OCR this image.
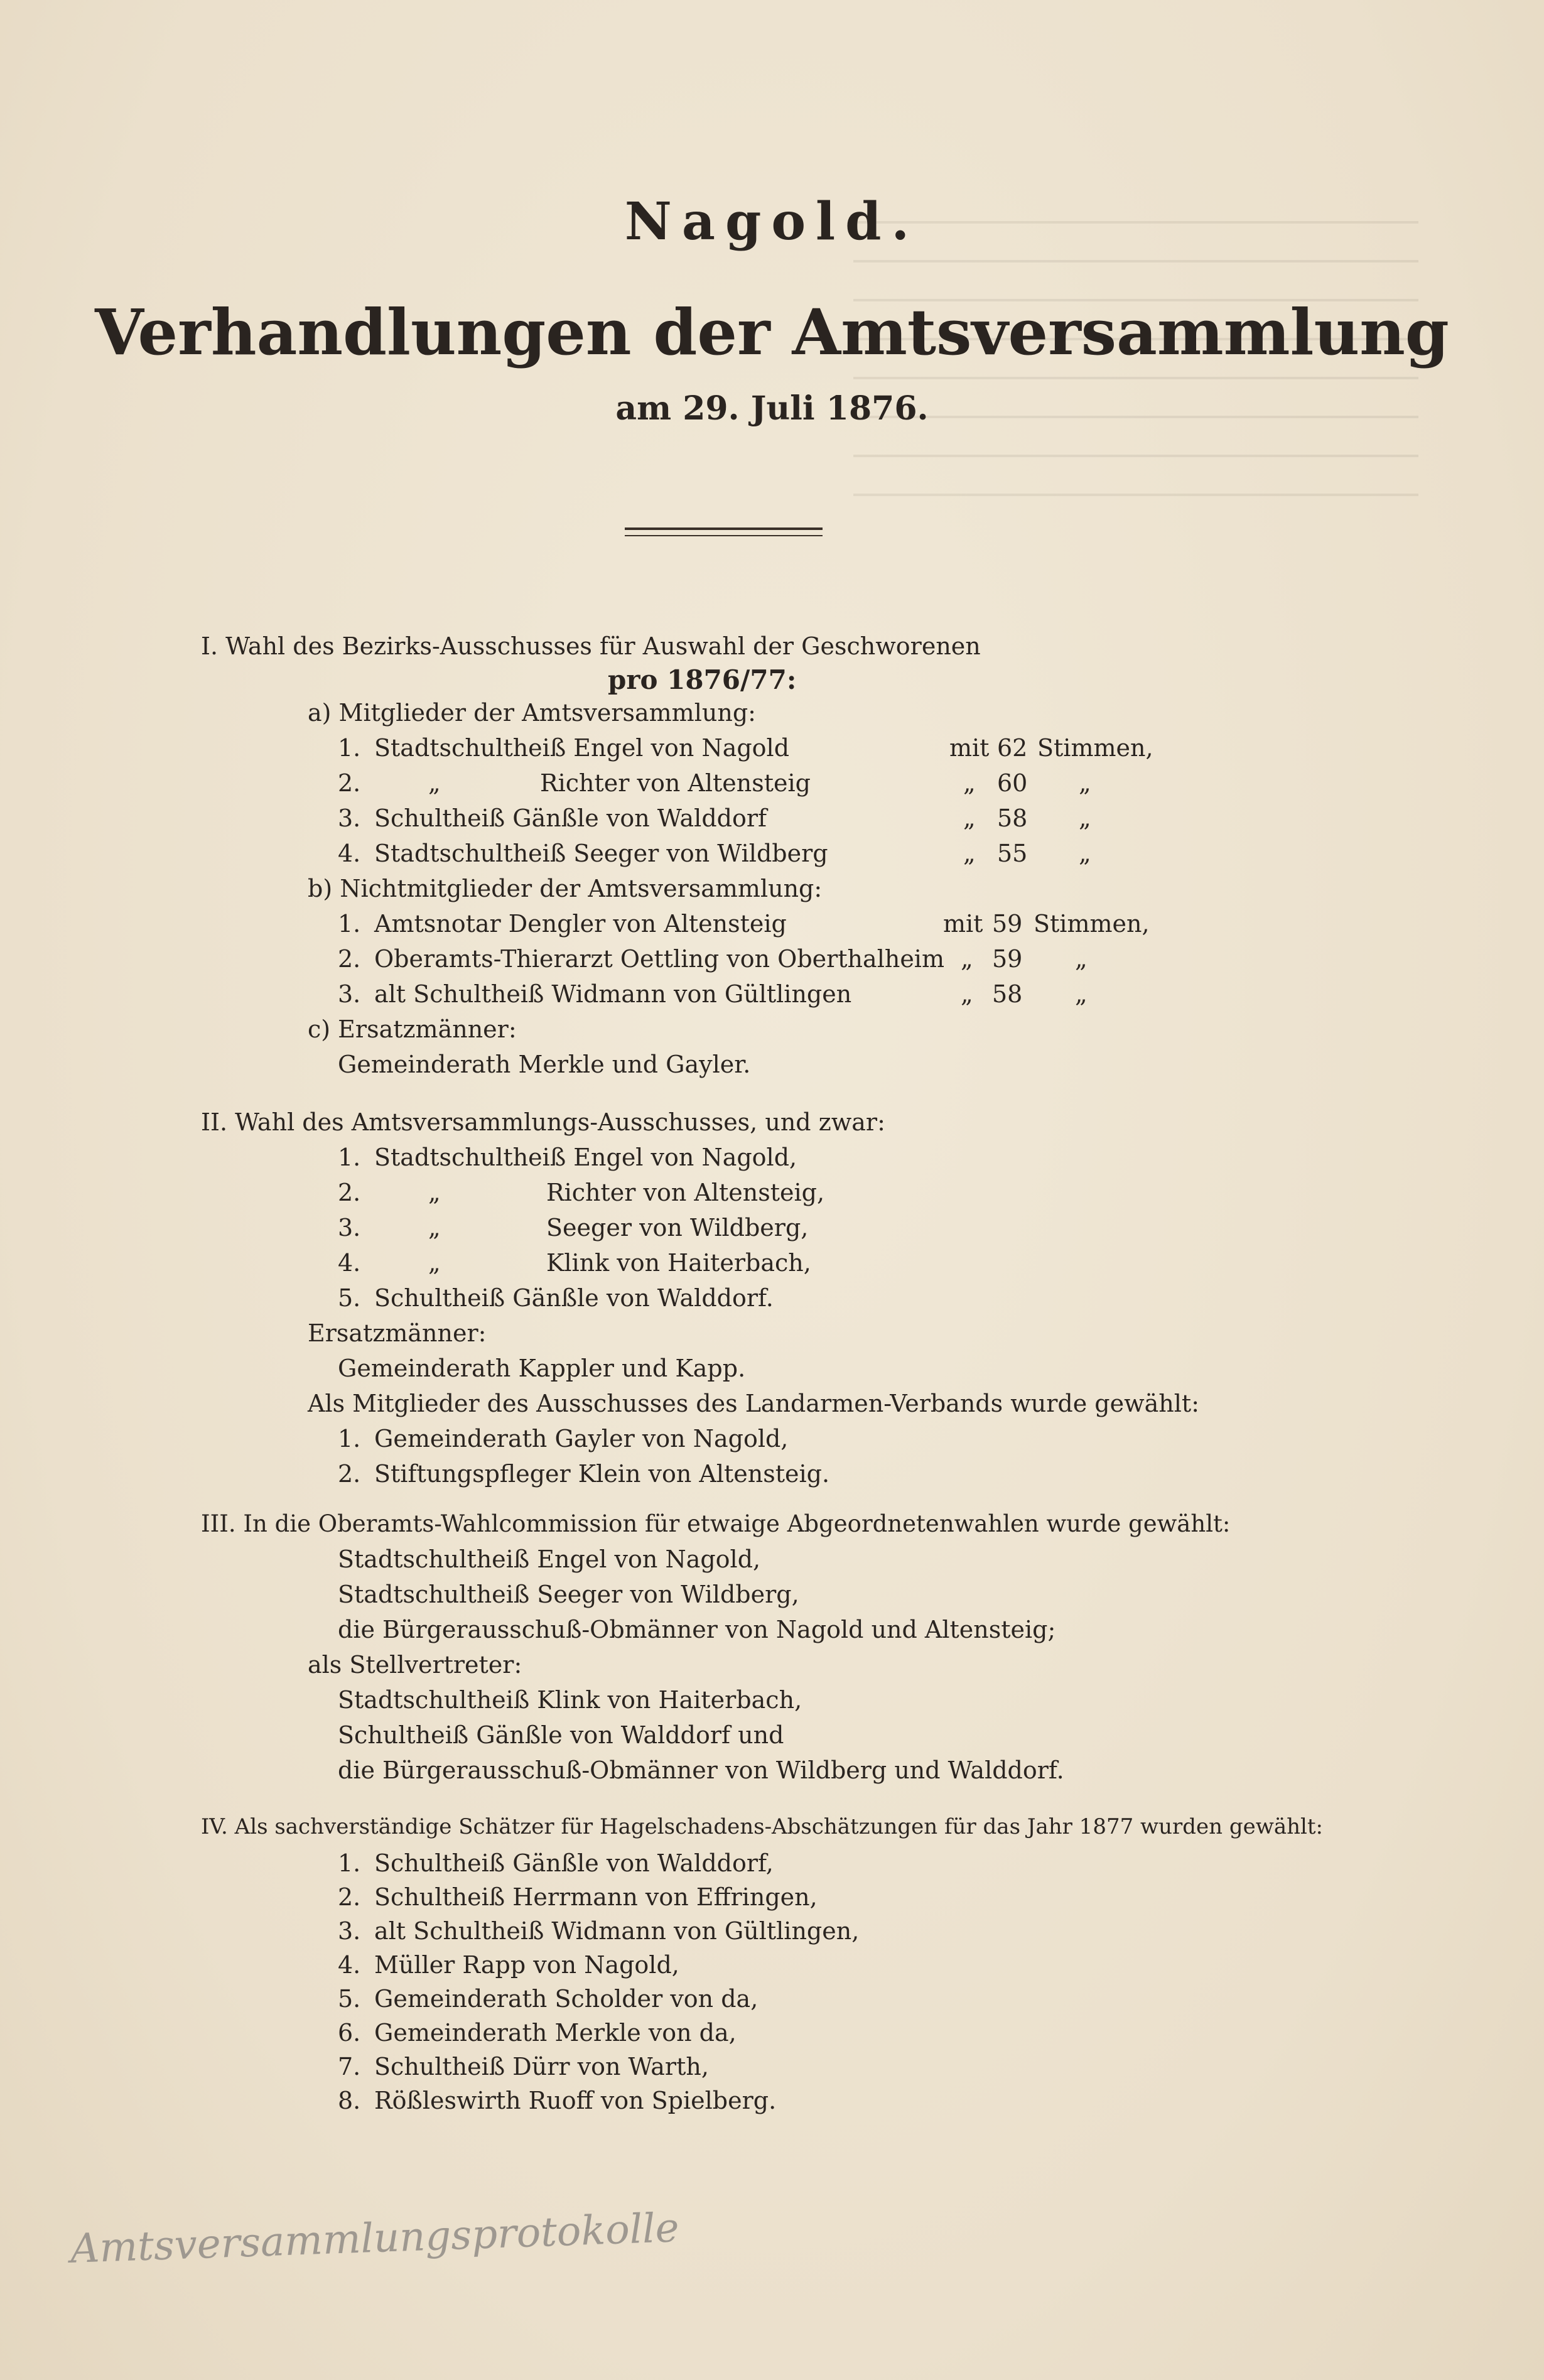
Nagold.
Verhandlungen der Amtsversammlung
am 29. Juli 1876.
I. Wahl des Bezirks-Ausschusses für Auswahl der Geschworenen
pro 1876/77:
a) Mitglieder der Amtsversammlung:
1. Stadtschultheiß Engel von Nagold	mit 62 Stimmen,
2.	„	Richter von Altensteig	„ 60 „
3. Schultheiß Gänßle von Walddorf	„ 58 „
4. Stadtschultheiß Seeger von Wildberg	„ 55 „
b) Nichtmitglieder der Amtsversammlung:
1. Amtsnotar Dengler von Altensteig	mit 59 Stimmen,
2. Oberamts-Thierarzt Oettling von Oberthalheim „ 59 „
3. alt Schultheiß Widmann von Gültlingen	„ 58 „
c) Ersatzmänner:
Gemeinderath Merkle und Gayler.
II. Wahl des Amtsversammlungs-Ausschusses, und zwar:
1. Stadtschultheiß Engel von Nagold,
2.	„	Richter von Altensteig,
3.	„	Seeger von Wildberg,
4.	„	Klink von Haiterbach,
5. Schultheiß Gänßle von Walddorf.
Ersatzmänner:
Gemeinderath Kappler und Kapp.
Als Mitglieder des Ausschusses des Landarmen-Verbands wurde gewählt:
1. Gemeinderath Gayler von Nagold,
2. Stiftungspfleger Klein von Altensteig.
III. In die Oberamts-Wahlcommission für etwaige Abgeordnetenwahlen wurde gewählt:
Stadtschultheiß Engel von Nagold,
Stadtschultheiß Seeger von Wildberg,
die Bürgerausschuß-Obmänner von Nagold und Altensteig;
als Stellvertreter:
Stadtschultheiß Klink von Haiterbach,
Schultheiß Gänßle von Walddorf und
die Bürgerausschuß-Obmänner von Wildberg und Walddorf.
IV. Als sachverständige Schätzer für Hagelschadens-Abschätzungen für das Jahr 1877 wurden gewählt:
1. Schultheiß Gänßle von Walddorf,
2. Schultheiß Herrmann von Effringen,
3. alt Schultheiß Widmann von Gültlingen,
4. Müller Rapp von Nagold,
5. Gemeinderath Scholder von da,
6. Gemeinderath Merkle von da,
7. Schultheiß Dürr von Warth,
8. Rößleswirth Ruoff von Spielberg.
Amtsversammlungsprotokolle
